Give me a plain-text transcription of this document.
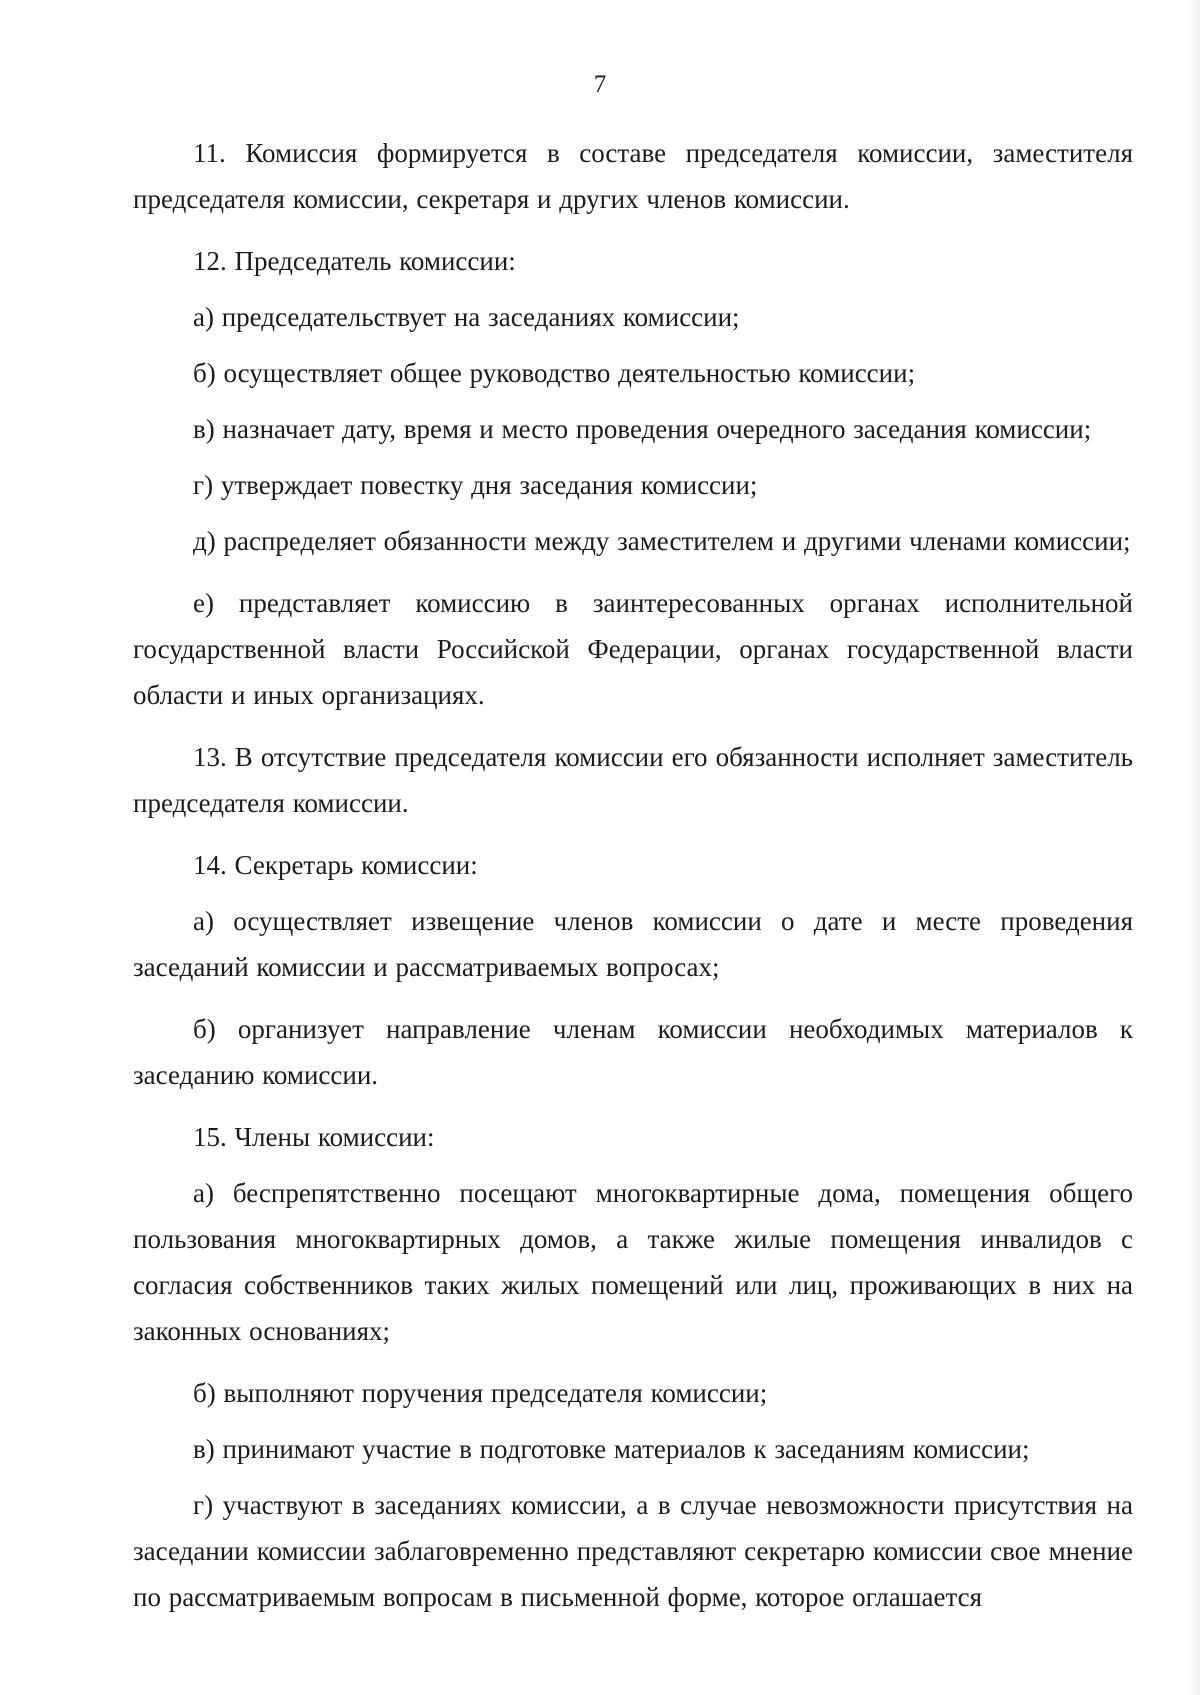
7

11. Комиссия формируется в составе председателя комиссии, заместителя председателя комиссии, секретаря и других членов комиссии.

12. Председатель комиссии:

а) председательствует на заседаниях комиссии;

б) осуществляет общее руководство деятельностью комиссии;

в) назначает дату, время и место проведения очередного заседания комиссии;

г) утверждает повестку дня заседания комиссии;

д) распределяет обязанности между заместителем и другими членами комиссии;

е) представляет комиссию в заинтересованных органах исполнительной государственной власти Российской Федерации, органах государственной власти области и иных организациях.

13. В отсутствие председателя комиссии его обязанности исполняет заместитель председателя комиссии.

14. Секретарь комиссии:

а) осуществляет извещение членов комиссии о дате и месте проведения заседаний комиссии и рассматриваемых вопросах;

б) организует направление членам комиссии необходимых материалов к заседанию комиссии.

15. Члены комиссии:

а) беспрепятственно посещают многоквартирные дома, помещения общего пользования многоквартирных домов, а также жилые помещения инвалидов с согласия собственников таких жилых помещений или лиц, проживающих в них на законных основаниях;

б) выполняют поручения председателя комиссии;

в) принимают участие в подготовке материалов к заседаниям комиссии;

г) участвуют в заседаниях комиссии, а в случае невозможности присутствия на заседании комиссии заблаговременно представляют секретарю комиссии свое мнение по рассматриваемым вопросам в письменной форме, которое оглашается
